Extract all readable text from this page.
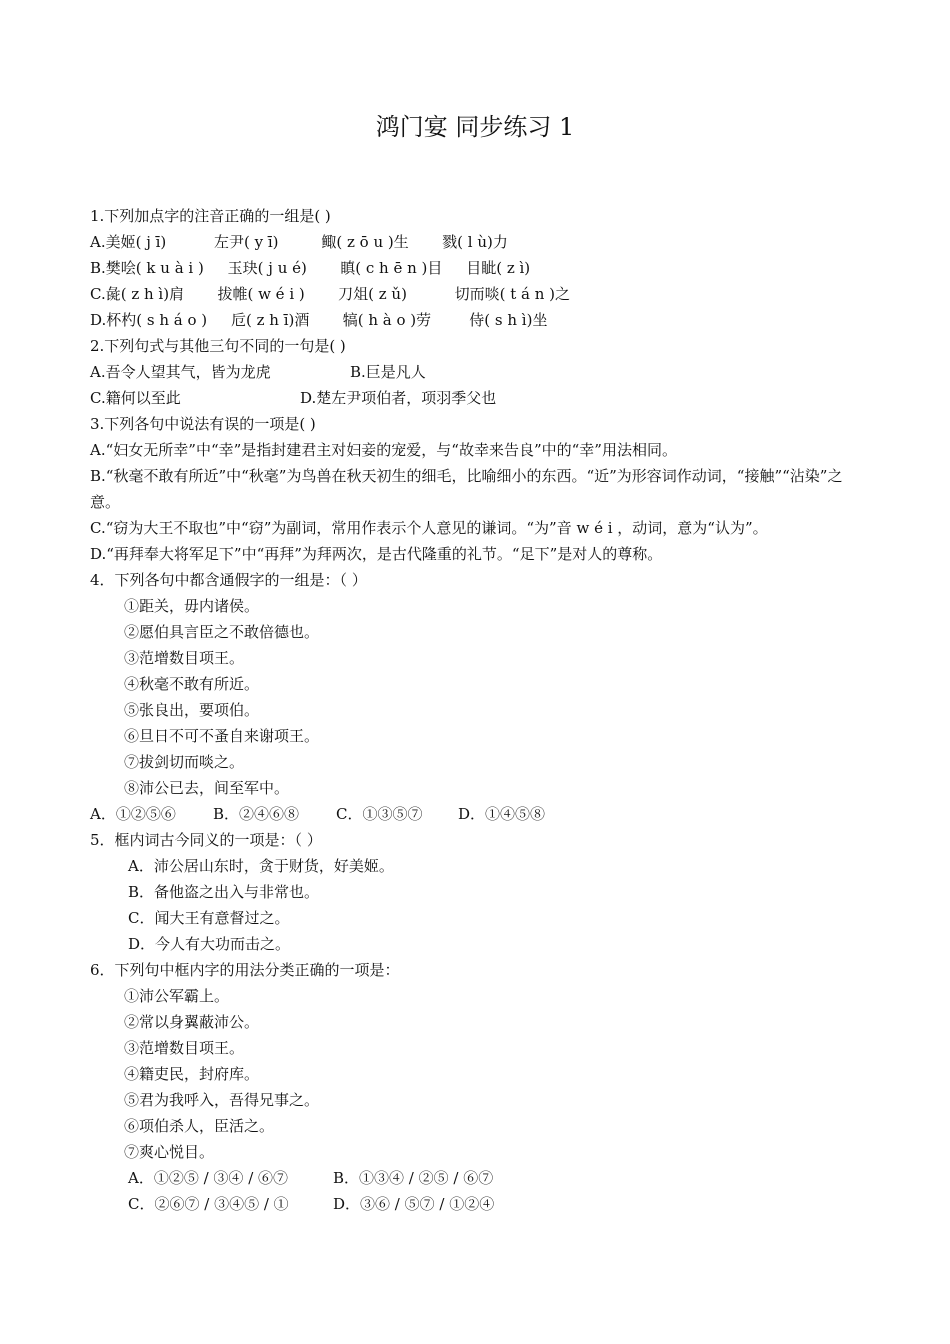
鸿门宴 同步练习 1
1.下列加点字的注音正确的一组是( )
A.美姬( j ī)          左尹( y ī)         鲰( z ō u )生       戮( l ù)力
B.樊哙( k u à i )     玉玦( j u é)       瞋( c h ē n )目     目眦( z ì)
C.彘( z h ì)肩       拔帷( w é i )       刀俎( z ǔ)          切而啖( t á n )之
D.杯杓( s h á o )     卮( z h ī)酒       犒( h à o )劳        侍( s h ì)坐
2.下列句式与其他三句不同的一句是( )
A.吾令人望其气，皆为龙虎	B.巨是凡人
C.籍何以至此	D.楚左尹项伯者，项羽季父也
3.下列各句中说法有误的一项是( )
A.“妇女无所幸”中“幸”是指封建君主对妇妾的宠爱，与“故幸来告良”中的“幸”用法相同。
B.“秋毫不敢有所近”中“秋毫”为鸟兽在秋天初生的细毛，比喻细小的东西。“近”为形容词作动词，“接触”“沾染”之意。
C.“窃为大王不取也”中“窃”为副词，常用作表示个人意见的谦词。“为”音 w é i ，动词，意为“认为”。
D.“再拜奉大将军足下”中“再拜”为拜两次，是古代隆重的礼节。“足下”是对人的尊称。
4．下列各句中都含通假字的一组是：（ ）
①距关，毋内诸侯。
②愿伯具言臣之不敢倍德也。
③范增数目项王。
④秋毫不敢有所近。
⑤张良出，要项伯。
⑥旦日不可不蚤自来谢项王。
⑦拔剑切而啖之。
⑧沛公已去，间至军中。
A．①②⑤⑥ B．②④⑥⑧ C．①③⑤⑦ D．①④⑤⑧
5．框内词古今同义的一项是：（ ）
A．沛公居山东时，贪于财货，好美姬。
B．备他盗之出入与非常也。
C．闻大王有意督过之。
D．今人有大功而击之。
6．下列句中框内字的用法分类正确的一项是：
①沛公军霸上。
②常以身翼蔽沛公。
③范增数目项王。
④籍吏民，封府库。
⑤君为我呼入，吾得兄事之。
⑥项伯杀人，臣活之。
⑦爽心悦目。
A．①②⑤ / ③④ / ⑥⑦	B．①③④ / ②⑤ / ⑥⑦
C．②⑥⑦ / ③④⑤ / ①	D．③⑥ / ⑤⑦ / ①②④
